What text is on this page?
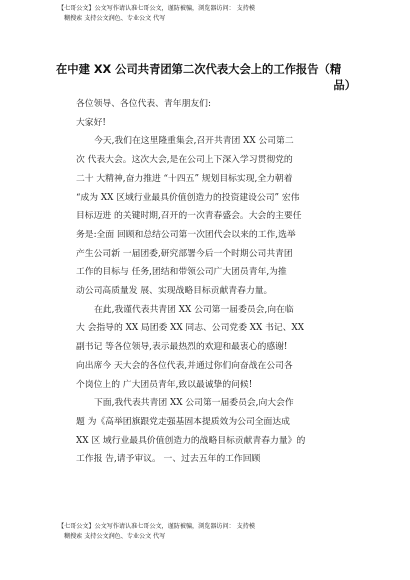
【七哥公文】公文写作请认准七哥公文，谨防被骗，浏览器访问： 支持模
糊搜索 支持公文润色、专业公文 代写
在中建 XX 公司共青团第二次代表大会上的工作报告（精
品）
各位领导、各位代表、青年朋友们:
大家好!
今天,我们在这里隆重集会,召开共青团 XX 公司第二
次 代表大会。这次大会,是在公司上下深入学习贯彻党的
二十 大精神,奋力推进 “十四五” 规划目标实现,全力朝着
“成为 XX 区域行业最具价值创造力的投资建设公司” 宏伟
目标迈进 的关键时期,召开的一次青春盛会。大会的主要任
务是:全面 回顾和总结公司第一次团代会以来的工作,选举
产生公司新 一届团委,研究部署今后一个时期公司共青团
工作的目标与 任务,团结和带领公司广大团员青年,为推
动公司高质量发 展、实现战略目标贡献青春力量。
在此,我谨代表共青团 XX 公司第一届委员会,向在临
大 会指导的 XX 局团委 XX 同志、公司党委 XX 书记、XX
副书记 等各位领导,表示最热烈的欢迎和最衷心的感谢!
向出席今 天大会的各位代表,并通过你们向奋战在公司各
个岗位上的 广大团员青年,致以最诚挚的问候!
下面,我代表共青团 XX 公司第一届委员会,向大会作
题 为《高举团旗跟党走强基固本提质效为公司全面达成
XX 区 域行业最具价值创造力的战略目标贡献青春力量》的
工作报 告,请予审议。 一、过去五年的工作回顾
【七哥公文】公文写作请认准七哥公文，谨防被骗，浏览器访问： 支持模
糊搜索 支持公文润色、专业公文 代写
